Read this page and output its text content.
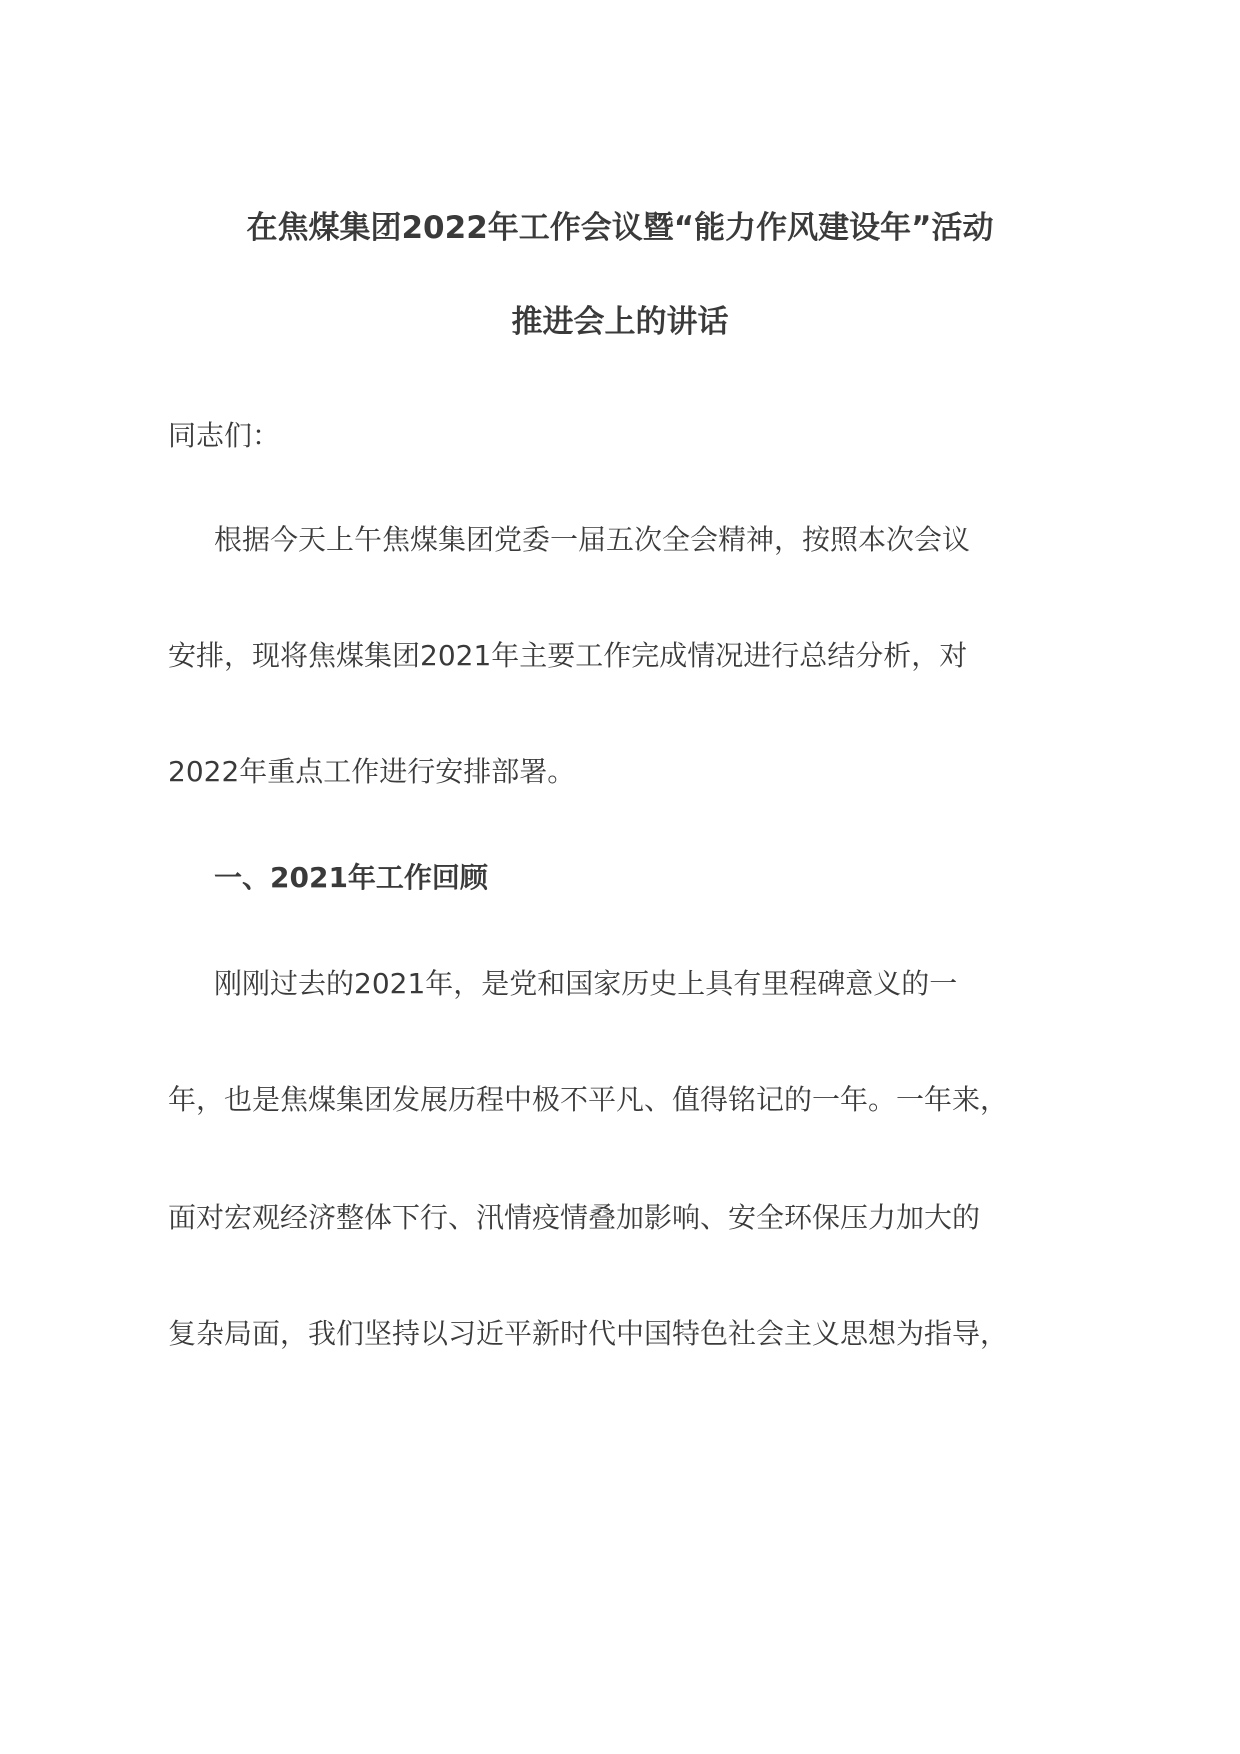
在焦煤集团2022年工作会议暨“能力作风建设年”活动
推进会上的讲话
同志们：
根据今天上午焦煤集团党委一届五次全会精神，按照本次会议
安排，现将焦煤集团2021年主要工作完成情况进行总结分析，对
2022年重点工作进行安排部署。
一、2021年工作回顾
刚刚过去的2021年，是党和国家历史上具有里程碑意义的一
年，也是焦煤集团发展历程中极不平凡、值得铭记的一年。一年来，
面对宏观经济整体下行、汛情疫情叠加影响、安全环保压力加大的
复杂局面，我们坚持以习近平新时代中国特色社会主义思想为指导，
